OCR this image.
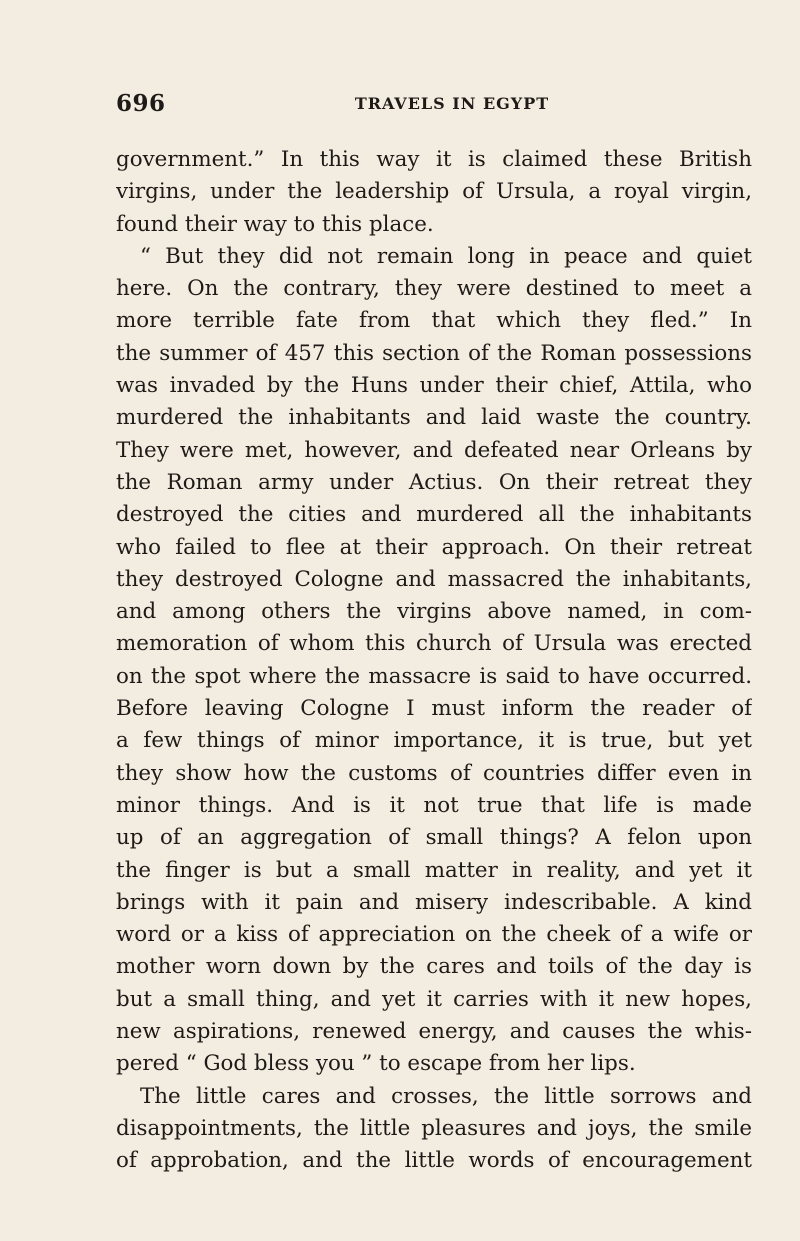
696	TRAVELS IN EGYPT
government.” In this way it is claimed these British
virgins, under the leadership of Ursula, a royal virgin,
found their way to this place.
“ But they did not remain long in peace and quiet
here. On the contrary, they were destined to meet a
more terrible fate from that which they fled.” In
the summer of 457 this section of the Roman possessions
was invaded by the Huns under their chief, Attila, who
murdered the inhabitants and laid waste the country.
They were met, however, and defeated near Orleans by
the Roman army under Actius. On their retreat they
destroyed the cities and murdered all the inhabitants
who failed to flee at their approach. On their retreat
they destroyed Cologne and massacred the inhabitants,
and among others the virgins above named, in com-
memoration of whom this church of Ursula was erected
on the spot where the massacre is said to have occurred.
Before leaving Cologne I must inform the reader of
a few things of minor importance, it is true, but yet
they show how the customs of countries differ even in
minor things. And is it not true that life is made
up of an aggregation of small things? A felon upon
the finger is but a small matter in reality, and yet it
brings with it pain and misery indescribable. A kind
word or a kiss of appreciation on the cheek of a wife or
mother worn down by the cares and toils of the day is
but a small thing, and yet it carries with it new hopes,
new aspirations, renewed energy, and causes the whis-
pered “ God bless you ” to escape from her lips.
The little cares and crosses, the little sorrows and
disappointments, the little pleasures and joys, the smile
of approbation, and the little words of encouragement
